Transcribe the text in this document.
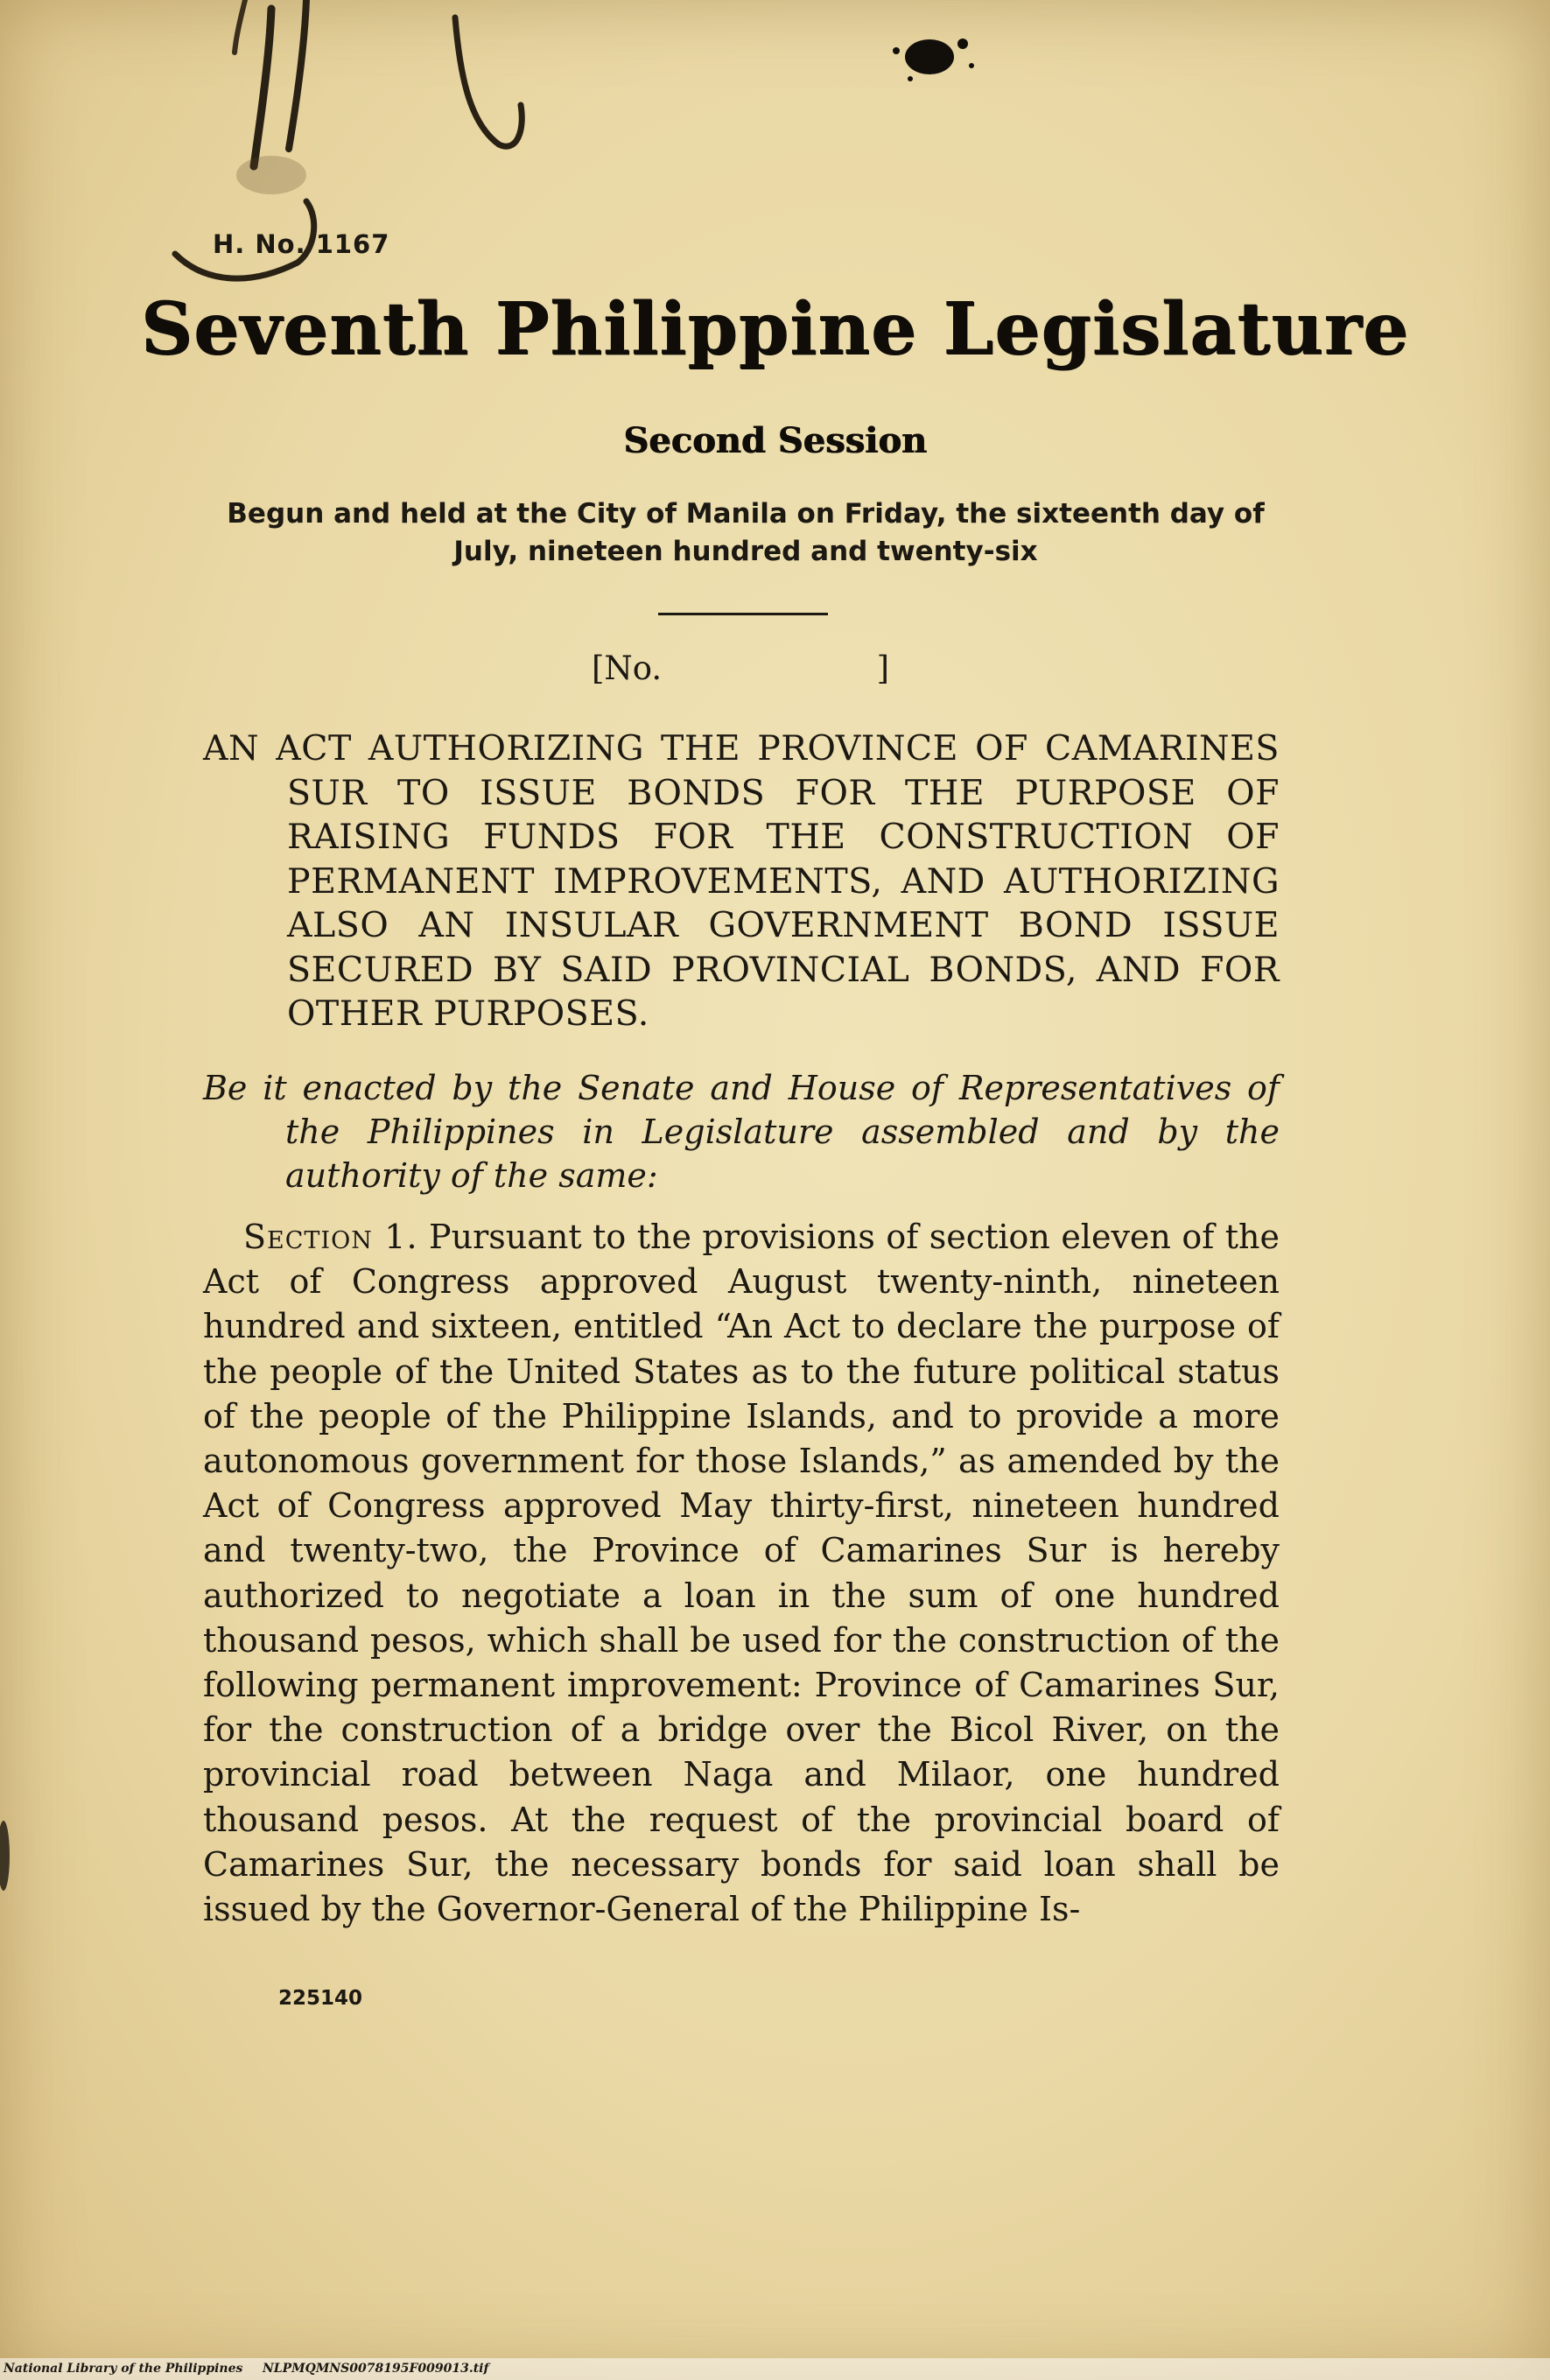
H. No. 1167
Seventh Philippine Legislature
Second Session
Begun and held at the City of Manila on Friday, the sixteenth day of July, nineteen hundred and twenty-six
[No.	]
AN ACT AUTHORIZING THE PROVINCE OF CAMARINES SUR TO ISSUE BONDS FOR THE PURPOSE OF RAISING FUNDS FOR THE CONSTRUCTION OF PERMANENT IMPROVEMENTS, AND AUTHORIZING ALSO AN INSULAR GOVERNMENT BOND ISSUE SECURED BY SAID PROVINCIAL BONDS, AND FOR OTHER PURPOSES.
Be it enacted by the Senate and House of Representatives of the Philippines in Legislature assembled and by the authority of the same:
Section 1. Pursuant to the provisions of section eleven of the Act of Congress approved August twenty-ninth, nineteen hundred and sixteen, entitled “An Act to declare the purpose of the people of the United States as to the future political status of the people of the Philippine Islands, and to provide a more autonomous government for those Islands,” as amended by the Act of Congress approved May thirty-first, nineteen hundred and twenty-two, the Province of Camarines Sur is hereby authorized to negotiate a loan in the sum of one hundred thousand pesos, which shall be used for the construction of the following permanent improvement: Province of Camarines Sur, for the construction of a bridge over the Bicol River, on the provincial road between Naga and Milaor, one hundred thousand pesos. At the request of the provincial board of Camarines Sur, the necessary bonds for said loan shall be issued by the Governor-General of the Philippine Is-
225140
National Library of the Philippines NLPMQMNS0078195F009013.tif
